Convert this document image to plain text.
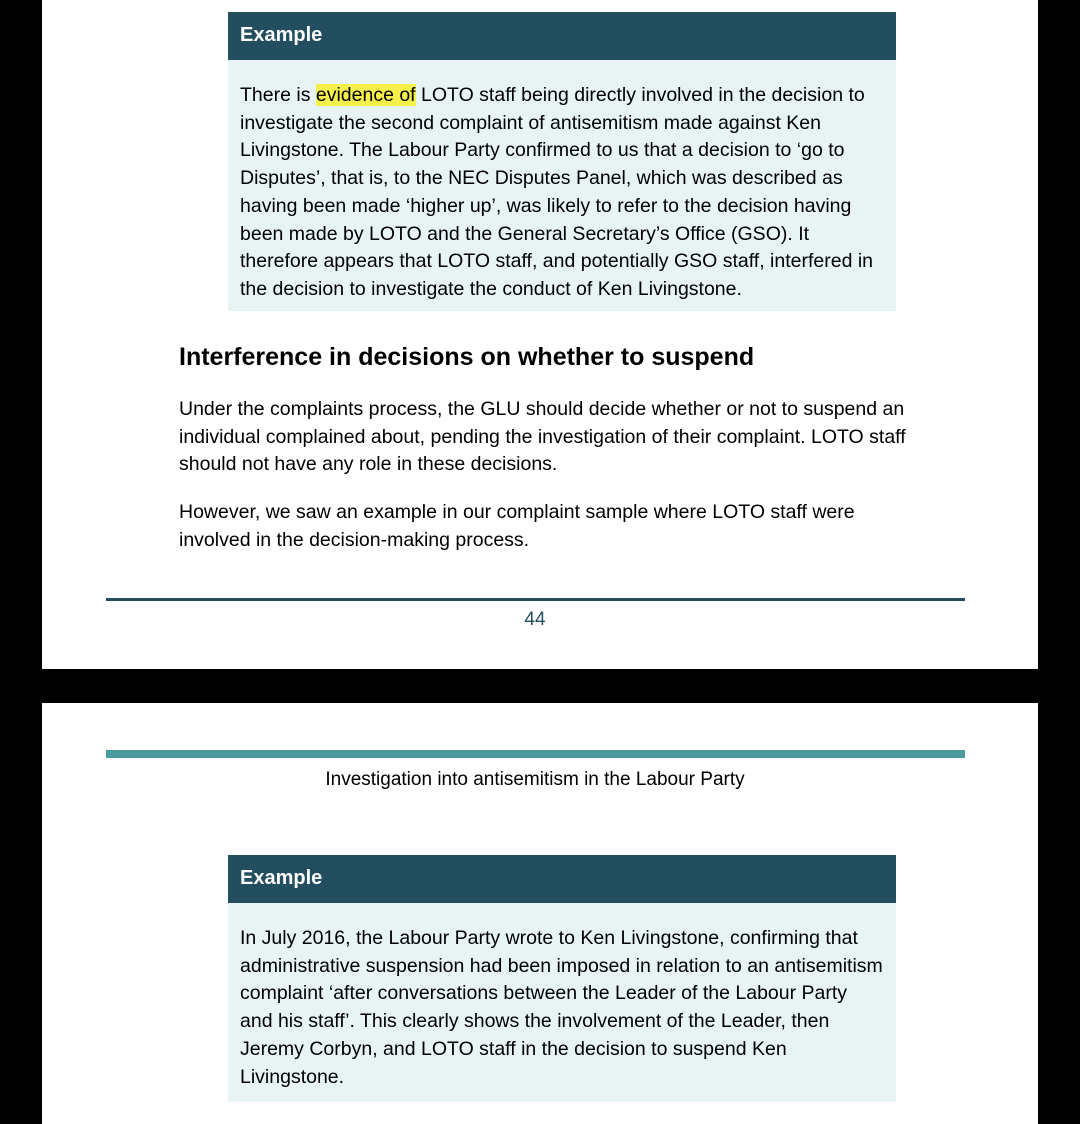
Example
There is evidence of LOTO staff being directly involved in the decision to investigate the second complaint of antisemitism made against Ken Livingstone. The Labour Party confirmed to us that a decision to ‘go to Disputes’, that is, to the NEC Disputes Panel, which was described as having been made ‘higher up’, was likely to refer to the decision having been made by LOTO and the General Secretary’s Office (GSO). It therefore appears that LOTO staff, and potentially GSO staff, interfered in the decision to investigate the conduct of Ken Livingstone.
Interference in decisions on whether to suspend

Under the complaints process, the GLU should decide whether or not to suspend an individual complained about, pending the investigation of their complaint. LOTO staff should not have any role in these decisions.

However, we saw an example in our complaint sample where LOTO staff were involved in the decision-making process.

44
Investigation into antisemitism in the Labour Party
Example
In July 2016, the Labour Party wrote to Ken Livingstone, confirming that administrative suspension had been imposed in relation to an antisemitism complaint ‘after conversations between the Leader of the Labour Party and his staff’. This clearly shows the involvement of the Leader, then Jeremy Corbyn, and LOTO staff in the decision to suspend Ken Livingstone.
